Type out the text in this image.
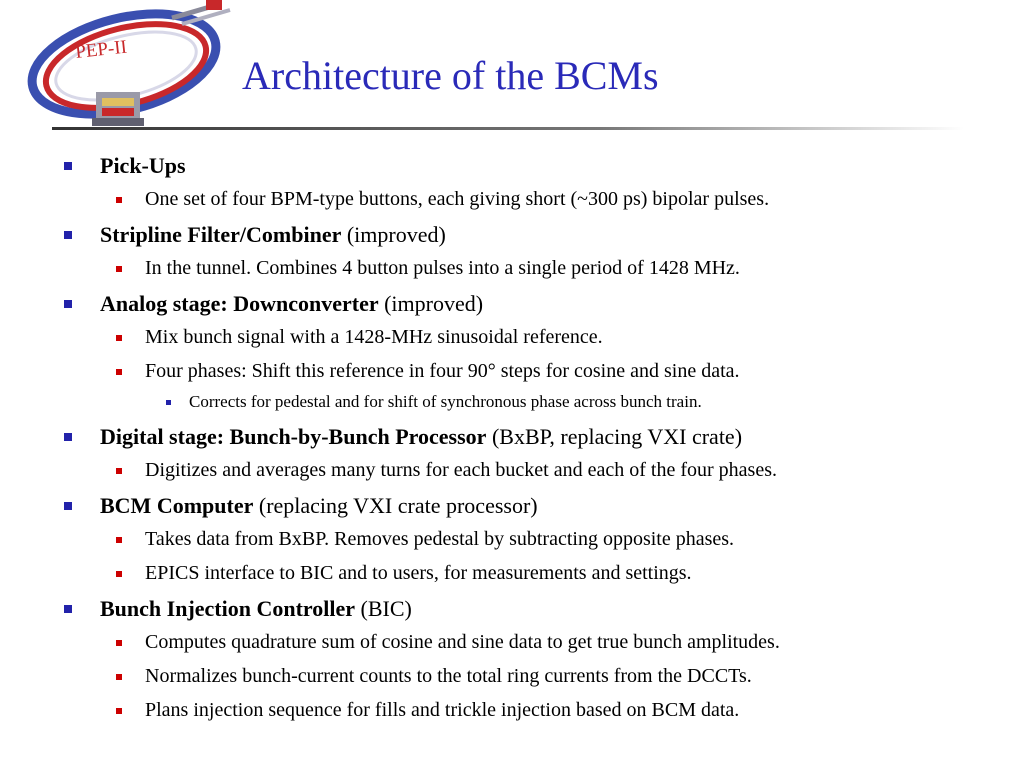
PEP-II
Architecture of the BCMs
Pick-Ups
One set of four BPM-type buttons, each giving short (~300 ps) bipolar pulses.
Stripline Filter/Combiner (improved)
In the tunnel. Combines 4 button pulses into a single period of 1428 MHz.
Analog stage: Downconverter (improved)
Mix bunch signal with a 1428-MHz sinusoidal reference.
Four phases: Shift this reference in four 90° steps for cosine and sine data.
Corrects for pedestal and for shift of synchronous phase across bunch train.
Digital stage: Bunch-by-Bunch Processor (BxBP, replacing VXI crate)
Digitizes and averages many turns for each bucket and each of the four phases.
BCM Computer (replacing VXI crate processor)
Takes data from BxBP. Removes pedestal by subtracting opposite phases.
EPICS interface to BIC and to users, for measurements and settings.
Bunch Injection Controller (BIC)
Computes quadrature sum of cosine and sine data to get true bunch amplitudes.
Normalizes bunch-current counts to the total ring currents from the DCCTs.
Plans injection sequence for fills and trickle injection based on BCM data.
